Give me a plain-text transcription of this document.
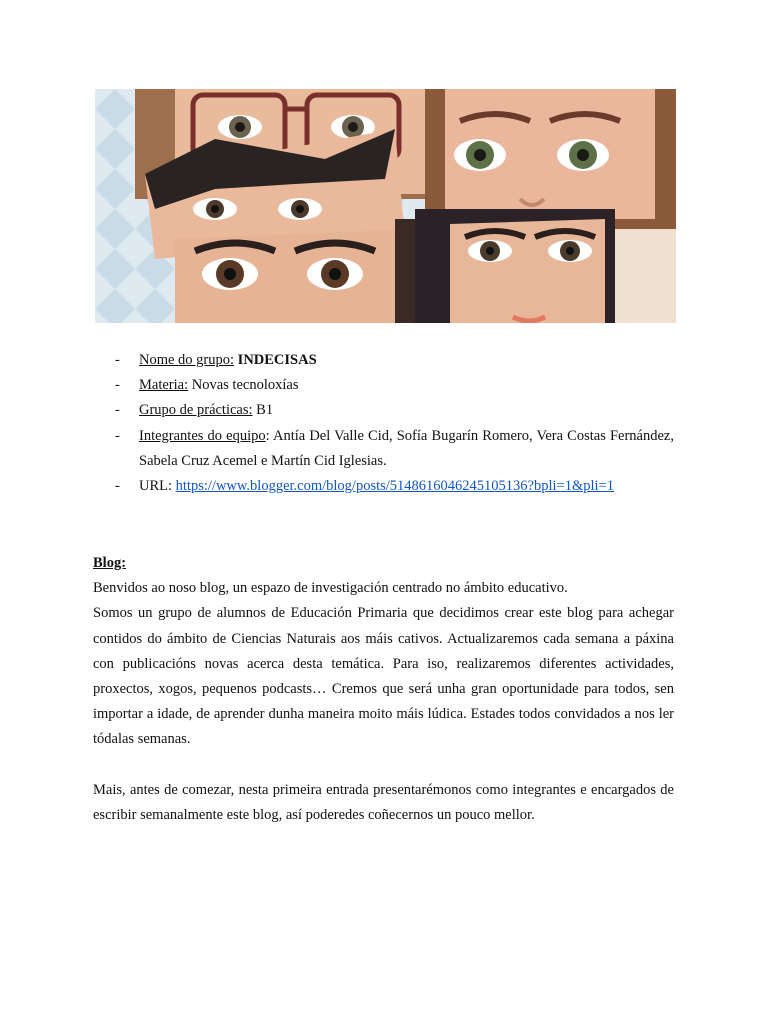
-	Nome do grupo: INDECISAS
-	Materia: Novas tecnoloxías
-	Grupo de prácticas: B1
-	Integrantes do equipo: Antía Del Valle Cid, Sofía Bugarín Romero, Vera Costas Fernández, Sabela Cruz Acemel e Martín Cid Iglesias.
-	URL: https://www.blogger.com/blog/posts/5148616046245105136?bpli=1&pli=1

Blog:

Benvidos ao noso blog, un espazo de investigación centrado no ámbito educativo.

Somos un grupo de alumnos de Educación Primaria que decidimos crear este blog para achegar contidos do ámbito de Ciencias Naturais aos máis cativos. Actualizaremos cada semana a páxina con publicacións novas acerca desta temática. Para iso, realizaremos diferentes actividades, proxectos, xogos, pequenos podcasts… Cremos que será unha gran oportunidade para todos, sen importar a idade, de aprender dunha maneira moito máis lúdica. Estades todos convidados a nos ler tódalas semanas.

Mais, antes de comezar, nesta primeira entrada presentarémonos como integrantes e encargados de escribir semanalmente este blog, así poderedes coñecernos un pouco mellor.
